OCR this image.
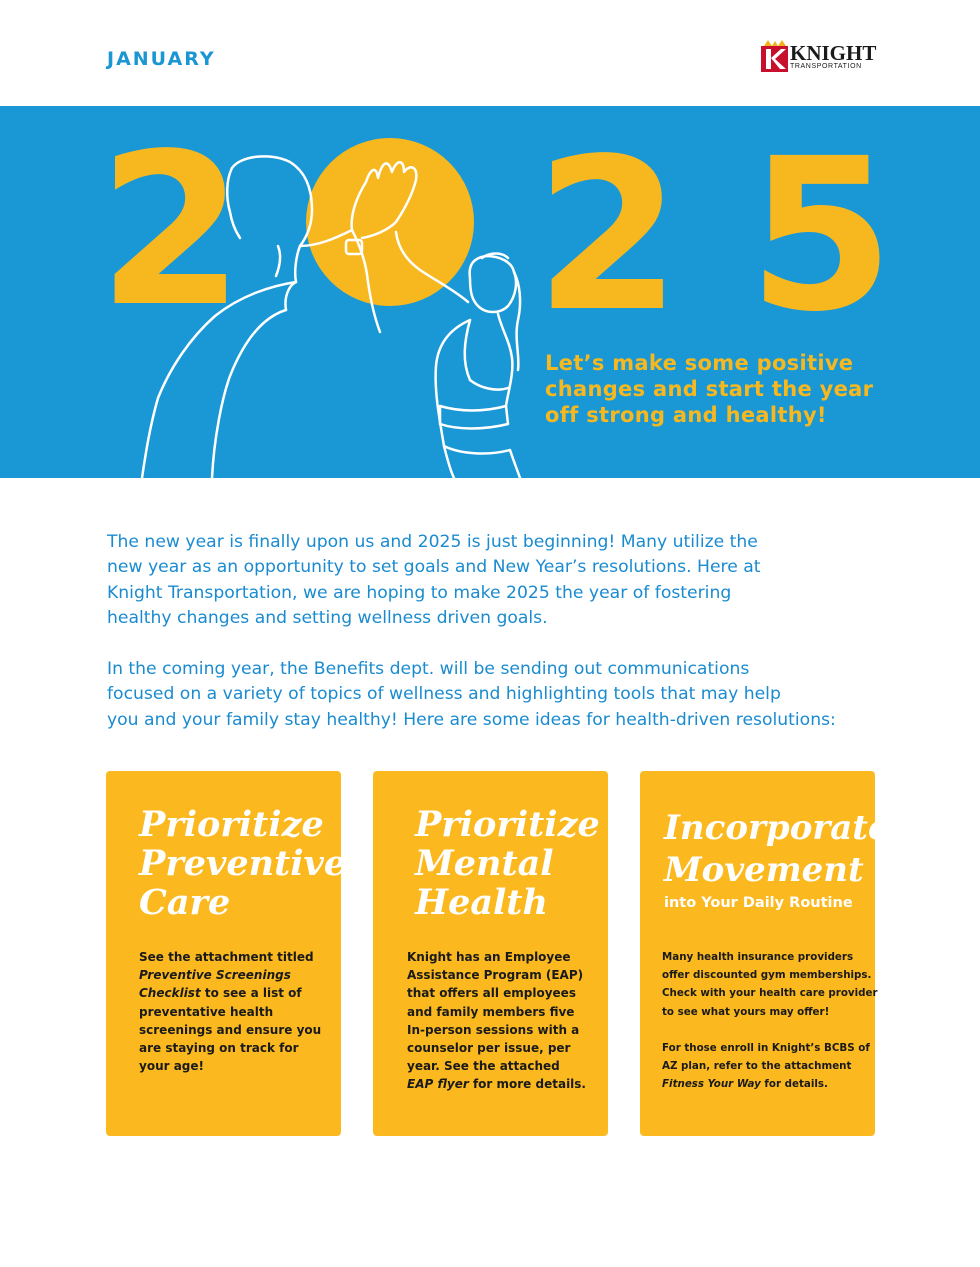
JANUARY	KNIGHT
TRANSPORTATION
2 2 5
Let’s make some positive
changes and start the year
off strong and healthy!

The new year is finally upon us and 2025 is just beginning! Many utilize the
new year as an opportunity to set goals and New Year’s resolutions. Here at
Knight Transportation, we are hoping to make 2025 the year of fostering
healthy changes and setting wellness driven goals.

In the coming year, the Benefits dept. will be sending out communications
focused on a variety of topics of wellness and highlighting tools that may help
you and your family stay healthy! Here are some ideas for health-driven resolutions:

Prioritize
Preventive
Care
See the attachment titled
Preventive Screenings
Checklist to see a list of
preventative health
screenings and ensure you
are staying on track for
your age!
Prioritize
Mental
Health
Knight has an Employee
Assistance Program (EAP)
that offers all employees
and family members five
In-person sessions with a
counselor per issue, per
year. See the attached
EAP flyer for more details.
Incorporate
Movement
into Your Daily Routine
Many health insurance providers
offer discounted gym memberships.
Check with your health care provider
to see what yours may offer!
For those enroll in Knight’s BCBS of
AZ plan, refer to the attachment
Fitness Your Way for details.
